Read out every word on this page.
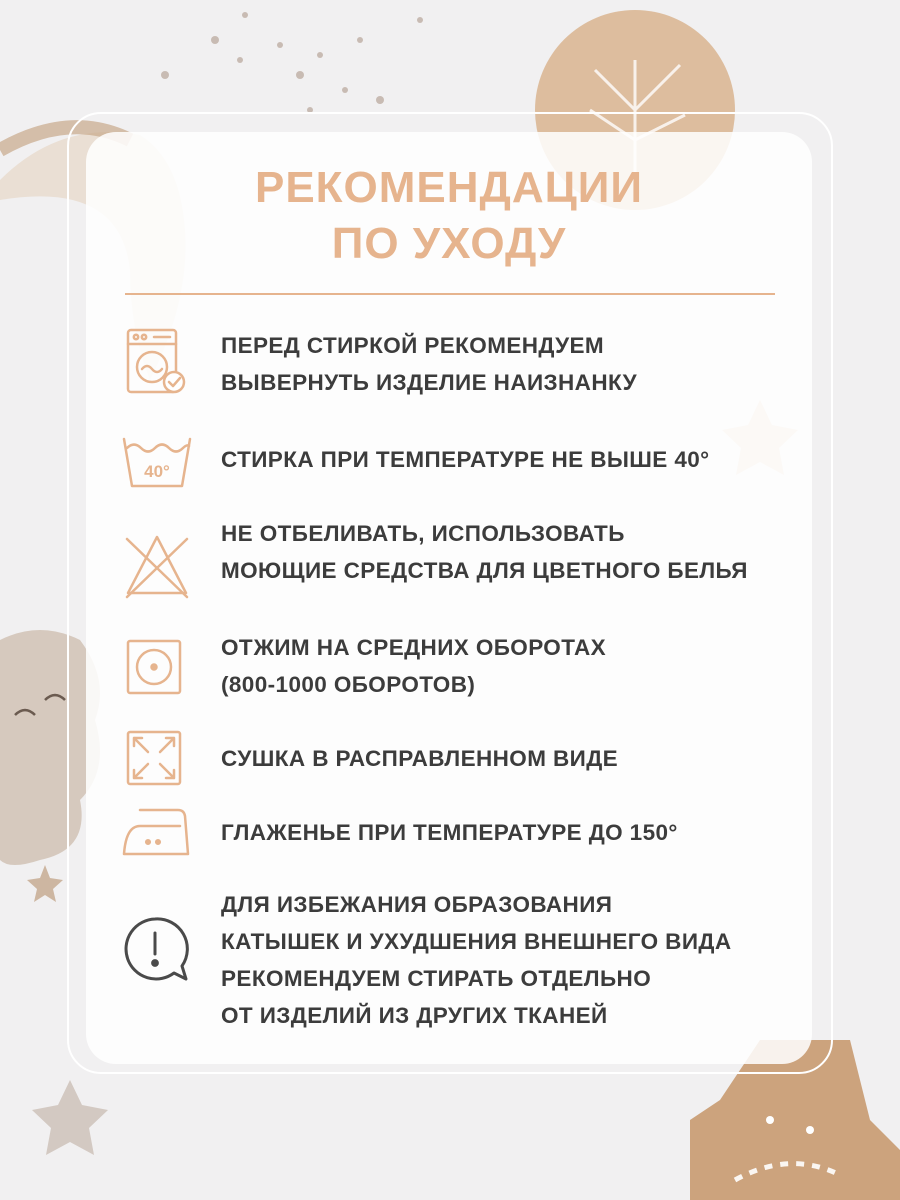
РЕКОМЕНДАЦИИ
ПО УХОДУ
ПЕРЕД СТИРКОЙ РЕКОМЕНДУЕМ
ВЫВЕРНУТЬ ИЗДЕЛИЕ НАИЗНАНКУ
40° СТИРКА ПРИ ТЕМПЕРАТУРЕ НЕ ВЫШЕ 40°
НЕ ОТБЕЛИВАТЬ, ИСПОЛЬЗОВАТЬ
МОЮЩИЕ СРЕДСТВА ДЛЯ ЦВЕТНОГО БЕЛЬЯ
ОТЖИМ НА СРЕДНИХ ОБОРОТАХ
(800-1000 ОБОРОТОВ)
СУШКА В РАСПРАВЛЕННОМ ВИДЕ
ГЛАЖЕНЬЕ ПРИ ТЕМПЕРАТУРЕ ДО 150°
ДЛЯ ИЗБЕЖАНИЯ ОБРАЗОВАНИЯ
КАТЫШЕК И УХУДШЕНИЯ ВНЕШНЕГО ВИДА
РЕКОМЕНДУЕМ СТИРАТЬ ОТДЕЛЬНО
ОТ ИЗДЕЛИЙ ИЗ ДРУГИХ ТКАНЕЙ
